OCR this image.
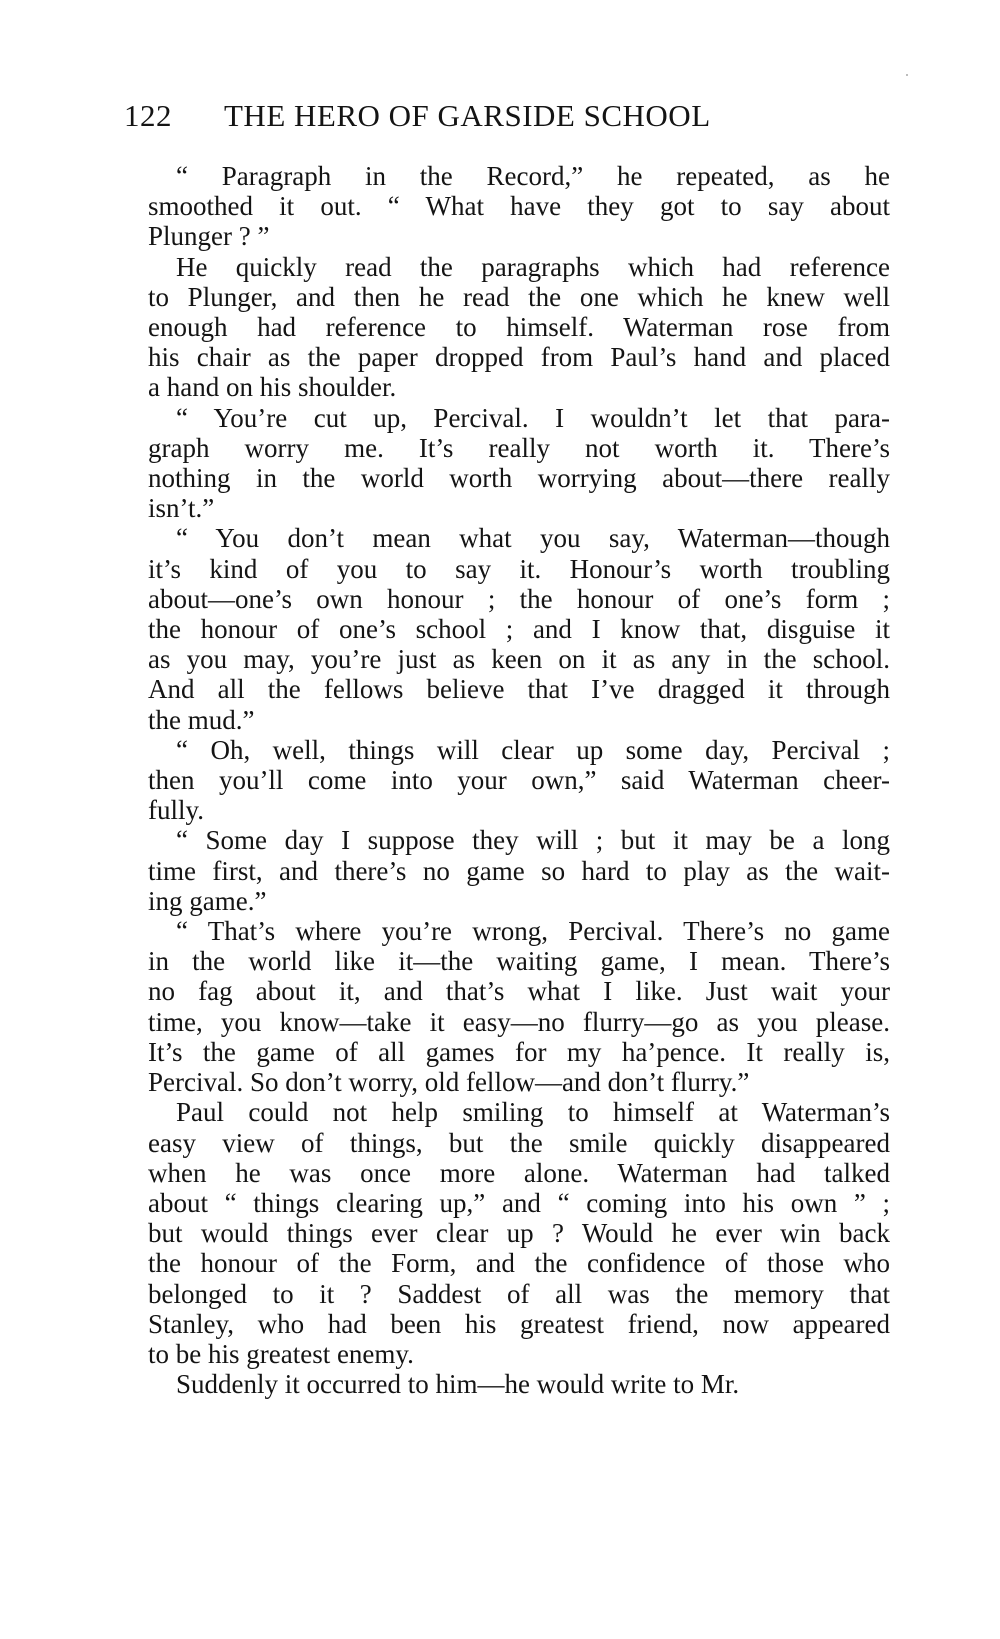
122 THE HERO OF GARSIDE SCHOOL
“ Paragraph in the Record,” he repeated, as he
smoothed it out. “ What have they got to say about
Plunger ? ”
He quickly read the paragraphs which had reference
to Plunger, and then he read the one which he knew well
enough had reference to himself. Waterman rose from
his chair as the paper dropped from Paul’s hand and placed
a hand on his shoulder.
“ You’re cut up, Percival. I wouldn’t let that para-
graph worry me. It’s really not worth it. There’s
nothing in the world worth worrying about—there really
isn’t.”
“ You don’t mean what you say, Waterman—though
it’s kind of you to say it. Honour’s worth troubling
about—one’s own honour ; the honour of one’s form ;
the honour of one’s school ; and I know that, disguise it
as you may, you’re just as keen on it as any in the school.
And all the fellows believe that I’ve dragged it through
the mud.”
“ Oh, well, things will clear up some day, Percival ;
then you’ll come into your own,” said Waterman cheer-
fully.
“ Some day I suppose they will ; but it may be a long
time first, and there’s no game so hard to play as the wait-
ing game.”
“ That’s where you’re wrong, Percival. There’s no game
in the world like it—the waiting game, I mean. There’s
no fag about it, and that’s what I like. Just wait your
time, you know—take it easy—no flurry—go as you please.
It’s the game of all games for my ha’pence. It really is,
Percival. So don’t worry, old fellow—and don’t flurry.”
Paul could not help smiling to himself at Waterman’s
easy view of things, but the smile quickly disappeared
when he was once more alone. Waterman had talked
about “ things clearing up,” and “ coming into his own ” ;
but would things ever clear up ? Would he ever win back
the honour of the Form, and the confidence of those who
belonged to it ? Saddest of all was the memory that
Stanley, who had been his greatest friend, now appeared
to be his greatest enemy.
Suddenly it occurred to him—he would write to Mr.
